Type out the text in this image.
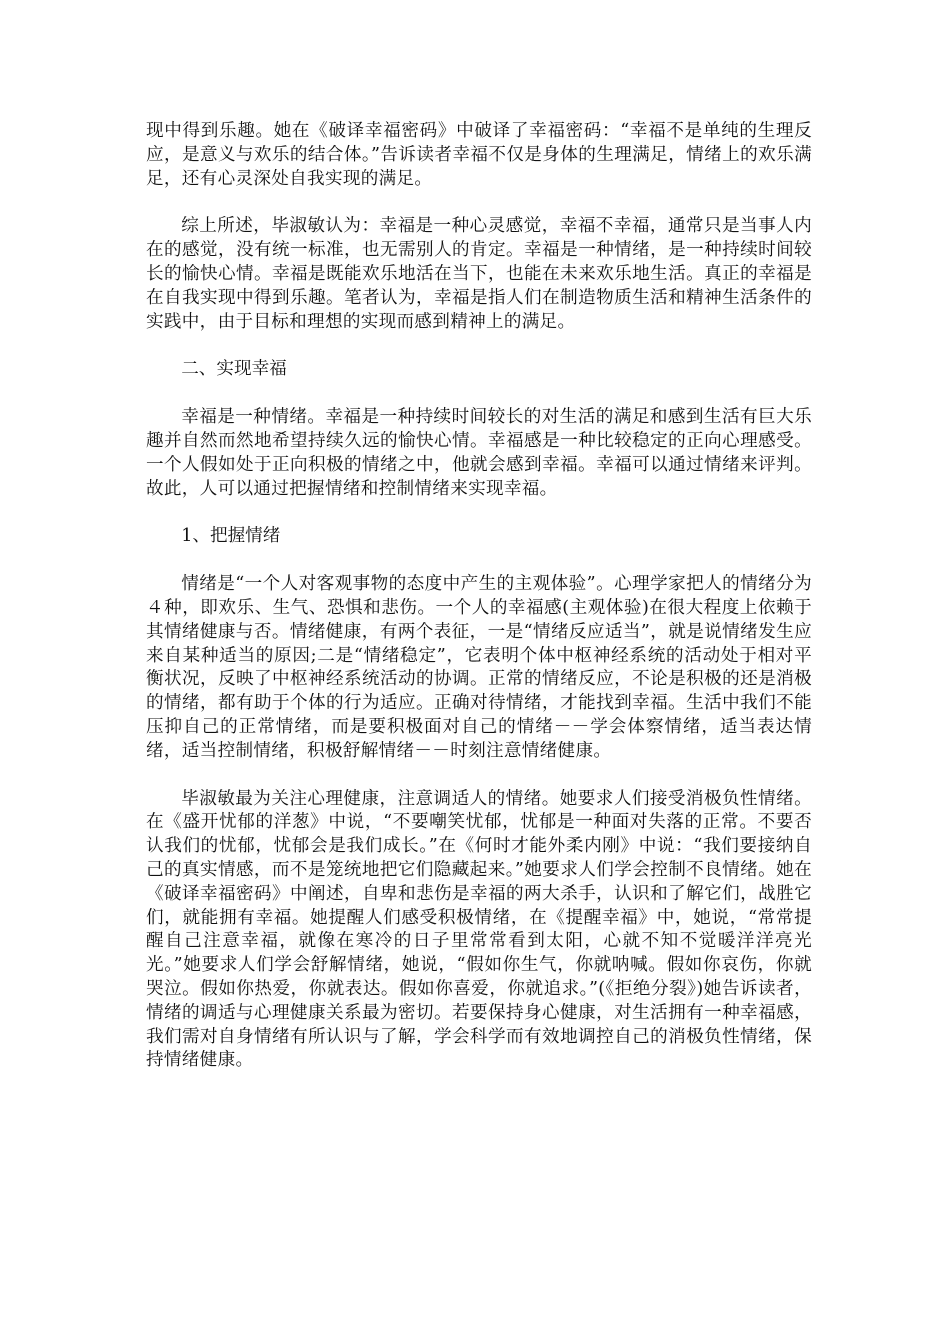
现中得到乐趣。她在《破译幸福密码》中破译了幸福密码：“幸福不是单纯的生理反应，是意义与欢乐的结合体。”告诉读者幸福不仅是身体的生理满足，情绪上的欢乐满足，还有心灵深处自我实现的满足。

综上所述，毕淑敏认为：幸福是一种心灵感觉，幸福不幸福，通常只是当事人内在的感觉，没有统一标准，也无需别人的肯定。幸福是一种情绪，是一种持续时间较长的愉快心情。幸福是既能欢乐地活在当下，也能在未来欢乐地生活。真正的幸福是在自我实现中得到乐趣。笔者认为，幸福是指人们在制造物质生活和精神生活条件的实践中，由于目标和理想的实现而感到精神上的满足。

二、实现幸福

幸福是一种情绪。幸福是一种持续时间较长的对生活的满足和感到生活有巨大乐趣并自然而然地希望持续久远的愉快心情。幸福感是一种比较稳定的正向心理感受。一个人假如处于正向积极的情绪之中，他就会感到幸福。幸福可以通过情绪来评判。故此，人可以通过把握情绪和控制情绪来实现幸福。

1、把握情绪

情绪是“一个人对客观事物的态度中产生的主观体验”。心理学家把人的情绪分为４种，即欢乐、生气、恐惧和悲伤。一个人的幸福感(主观体验)在很大程度上依赖于其情绪健康与否。情绪健康，有两个表征，一是“情绪反应适当”，就是说情绪发生应来自某种适当的原因;二是“情绪稳定”，它表明个体中枢神经系统的活动处于相对平衡状况，反映了中枢神经系统活动的协调。正常的情绪反应，不论是积极的还是消极的情绪，都有助于个体的行为适应。正确对待情绪，才能找到幸福。生活中我们不能压抑自己的正常情绪，而是要积极面对自己的情绪－－学会体察情绪，适当表达情绪，适当控制情绪，积极舒解情绪－－时刻注意情绪健康。

毕淑敏最为关注心理健康，注意调适人的情绪。她要求人们接受消极负性情绪。在《盛开忧郁的洋葱》中说，“不要嘲笑忧郁，忧郁是一种面对失落的正常。不要否认我们的忧郁，忧郁会是我们成长。”在《何时才能外柔内刚》中说：“我们要接纳自己的真实情感，而不是笼统地把它们隐藏起来。”她要求人们学会控制不良情绪。她在《破译幸福密码》中阐述，自卑和悲伤是幸福的两大杀手，认识和了解它们，战胜它们，就能拥有幸福。她提醒人们感受积极情绪，在《提醒幸福》中，她说，“常常提醒自己注意幸福，就像在寒冷的日子里常常看到太阳，心就不知不觉暖洋洋亮光光。”她要求人们学会舒解情绪，她说，“假如你生气，你就呐喊。假如你哀伤，你就哭泣。假如你热爱，你就表达。假如你喜爱，你就追求。”(《拒绝分裂》)她告诉读者，情绪的调适与心理健康关系最为密切。若要保持身心健康，对生活拥有一种幸福感，我们需对自身情绪有所认识与了解，学会科学而有效地调控自己的消极负性情绪，保持情绪健康。
